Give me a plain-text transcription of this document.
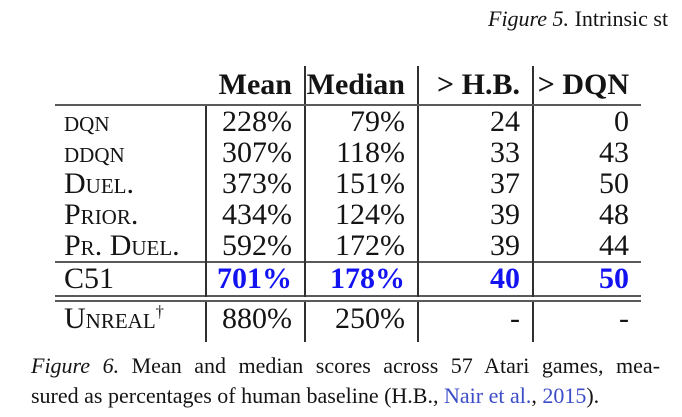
Figure 5. Intrinsic st
	Mean	Median	> H.B.	> DQN
dqn	228%	79%	24	0
ddqn	307%	118%	33	43
Duel.	373%	151%	37	50
Prior.	434%	124%	39	48
Pr. Duel.	592%	172%	39	44
C51	701%	178%	40	50

Unreal†	880%	250%	-	-
Figure 6. Mean and median scores across 57 Atari games, mea-
sured as percentages of human baseline (H.B., Nair et al., 2015).
